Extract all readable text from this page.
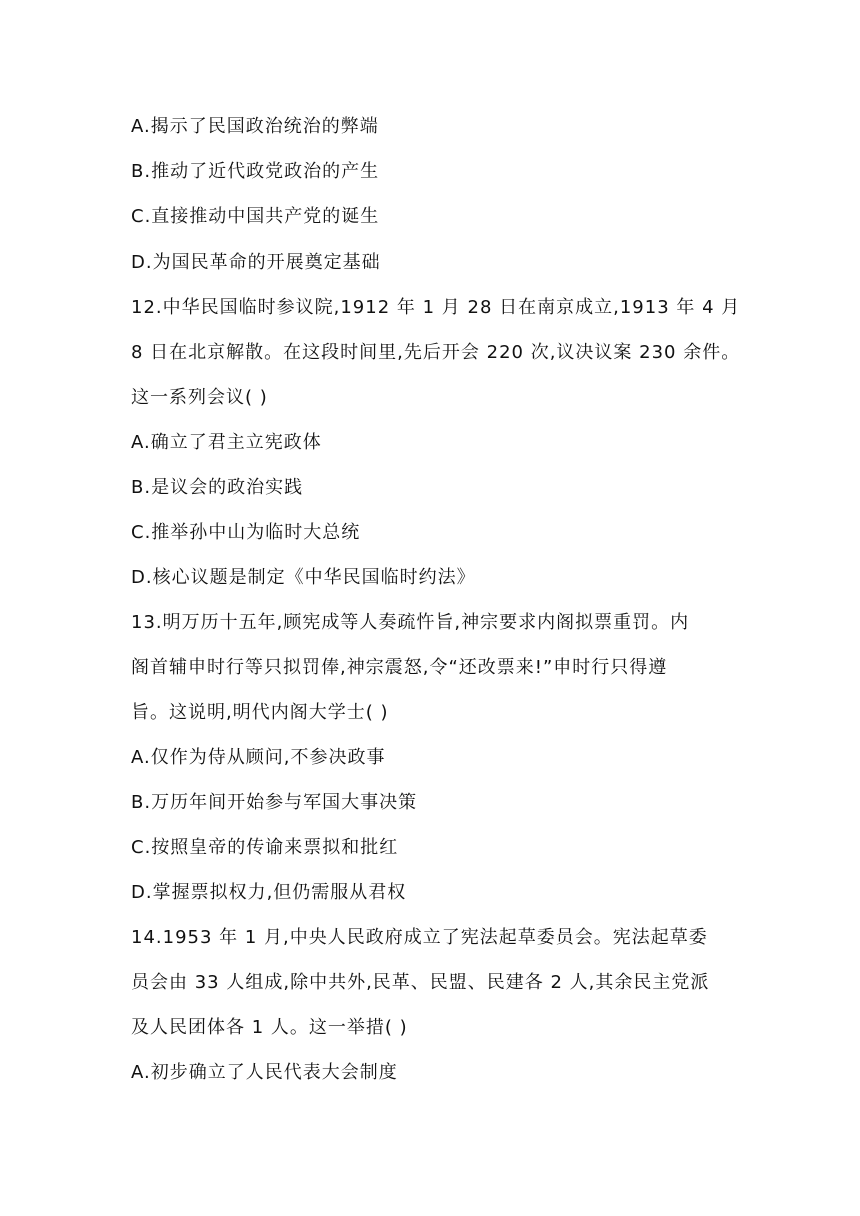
A.揭示了民国政治统治的弊端
B.推动了近代政党政治的产生
C.直接推动中国共产党的诞生
D.为国民革命的开展奠定基础
12.中华民国临时参议院,1912 年 1 月 28 日在南京成立,1913 年 4 月
8 日在北京解散。在这段时间里,先后开会 220 次,议决议案 230 余件。
这一系列会议( )
A.确立了君主立宪政体
B.是议会的政治实践
C.推举孙中山为临时大总统
D.核心议题是制定《中华民国临时约法》
13.明万历十五年,顾宪成等人奏疏忤旨,神宗要求内阁拟票重罚。内
阁首辅申时行等只拟罚俸,神宗震怒,令“还改票来!”申时行只得遵
旨。这说明,明代内阁大学士( )
A.仅作为侍从顾问,不参决政事
B.万历年间开始参与军国大事决策
C.按照皇帝的传谕来票拟和批红
D.掌握票拟权力,但仍需服从君权
14.1953 年 1 月,中央人民政府成立了宪法起草委员会。宪法起草委
员会由 33 人组成,除中共外,民革、民盟、民建各 2 人,其余民主党派
及人民团体各 1 人。这一举措( )
A.初步确立了人民代表大会制度
